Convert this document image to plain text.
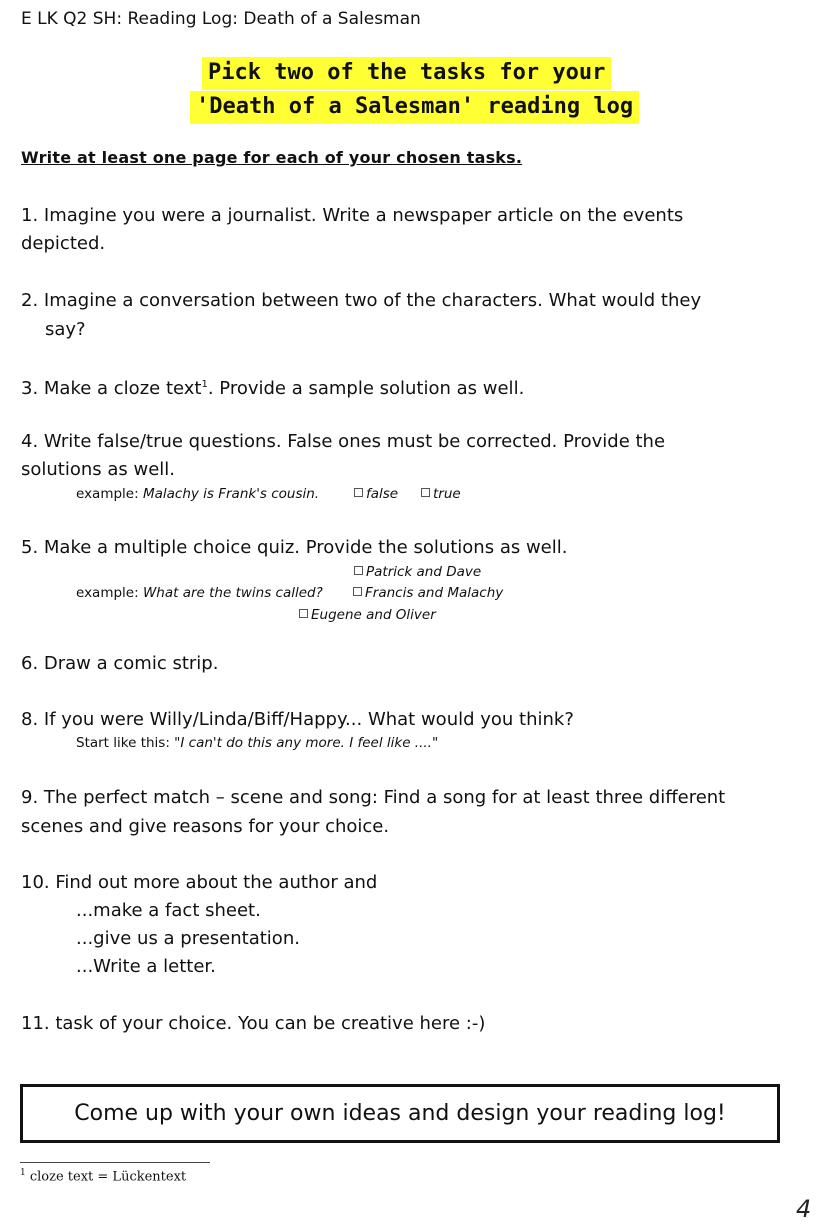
E LK Q2 SH: Reading Log: Death of a Salesman
Pick two of the tasks for your
'Death of a Salesman' reading log
Write at least one page for each of your chosen tasks.
1. Imagine you were a journalist. Write a newspaper article on the events
depicted.
2. Imagine a conversation between two of the characters. What would they
say?
3. Make a cloze text$^1$. Provide a sample solution as well.
4. Write false/true questions. False ones must be corrected. Provide the
solutions as well.
example: Malachy is Frank's cousin.	false	true
5. Make a multiple choice quiz. Provide the solutions as well.
Patrick and Dave
example: What are the twins called?	Francis and Malachy
Eugene and Oliver
6. Draw a comic strip.
8. If you were Willy/Linda/Biff/Happy... What would you think?
Start like this: "I can't do this any more. I feel like ...."
9. The perfect match – scene and song: Find a song for at least three different
scenes and give reasons for your choice.
10. Find out more about the author and
...make a fact sheet.
...give us a presentation.
...Write a letter.
11. task of your choice. You can be creative here :-)
Come up with your own ideas and design your reading log!
$^1$ cloze text = Lückentext
4
